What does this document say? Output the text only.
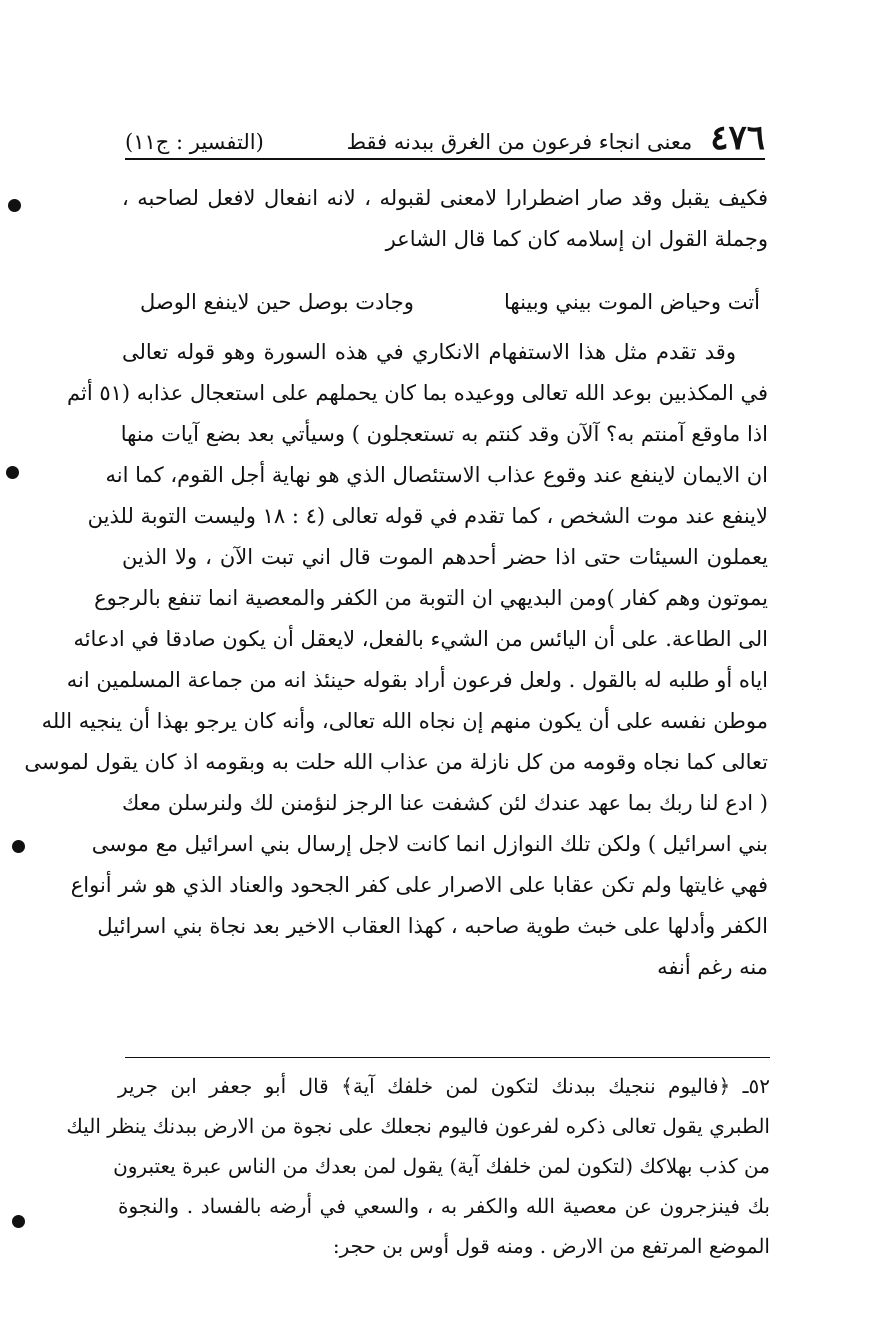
٤٧٦
معنى انجاء فرعون من الغرق ببدنه فقط
(التفسير : ج١١)
فكيف يقبل وقد صار اضطرارا لامعنى لقبوله ، لانه انفعال لافعل لصاحبه ،
وجملة القول ان إسلامه كان كما قال الشاعر
أتت وحياض الموت بيني وبينها
وجادت بوصل حين لاينفع الوصل
وقد تقدم مثل هذا الاستفهام الانكاري في هذه السورة وهو قوله تعالى
في المكذبين بوعد الله تعالى ووعيده بما كان يحملهم على استعجال عذابه (٥١ أثم
اذا ماوقع آمنتم به؟ آلآن وقد كنتم به تستعجلون ) وسيأتي بعد بضع آيات منها
ان الايمان لاينفع عند وقوع عذاب الاستئصال الذي هو نهاية أجل القوم، كما انه
لاينفع عند موت الشخص ، كما تقدم في قوله تعالى (٤ : ١٨ وليست التوبة للذين
يعملون السيئات حتى اذا حضر أحدهم الموت قال اني تبت الآن ، ولا الذين
يموتون وهم كفار )ومن البديهي ان التوبة من الكفر والمعصية انما تنفع بالرجوع
الى الطاعة. على أن اليائس من الشيء بالفعل، لايعقل أن يكون صادقا في ادعائه
اياه أو طلبه له بالقول . ولعل فرعون أراد بقوله حينئذ انه من جماعة المسلمين انه
موطن نفسه على أن يكون منهم إن نجاه الله تعالى، وأنه كان يرجو بهذا أن ينجيه الله
تعالى كما نجاه وقومه من كل نازلة من عذاب الله حلت به وبقومه اذ كان يقول لموسى
( ادع لنا ربك بما عهد عندك لئن كشفت عنا الرجز لنؤمنن لك ولنرسلن معك
بني اسرائيل ) ولكن تلك النوازل انما كانت لاجل إرسال بني اسرائيل مع موسى
فهي غايتها ولم تكن عقابا على الاصرار على كفر الجحود والعناد الذي هو شر أنواع
الكفر وأدلها على خبث طوية صاحبه ، كهذا العقاب الاخير بعد نجاة بني اسرائيل
منه رغم أنفه
٥٢ـ ﴿فاليوم ننجيك ببدنك لتكون لمن خلفك آية﴾ قال أبو جعفر ابن جرير
الطبري يقول تعالى ذكره لفرعون فاليوم نجعلك على نجوة من الارض ببدنك ينظر اليك
من كذب بهلاكك (لتكون لمن خلفك آية) يقول لمن بعدك من الناس عبرة يعتبرون
بك فينزجرون عن معصية الله والكفر به ، والسعي في أرضه بالفساد . والنجوة
الموضع المرتفع من الارض . ومنه قول أوس بن حجر:
